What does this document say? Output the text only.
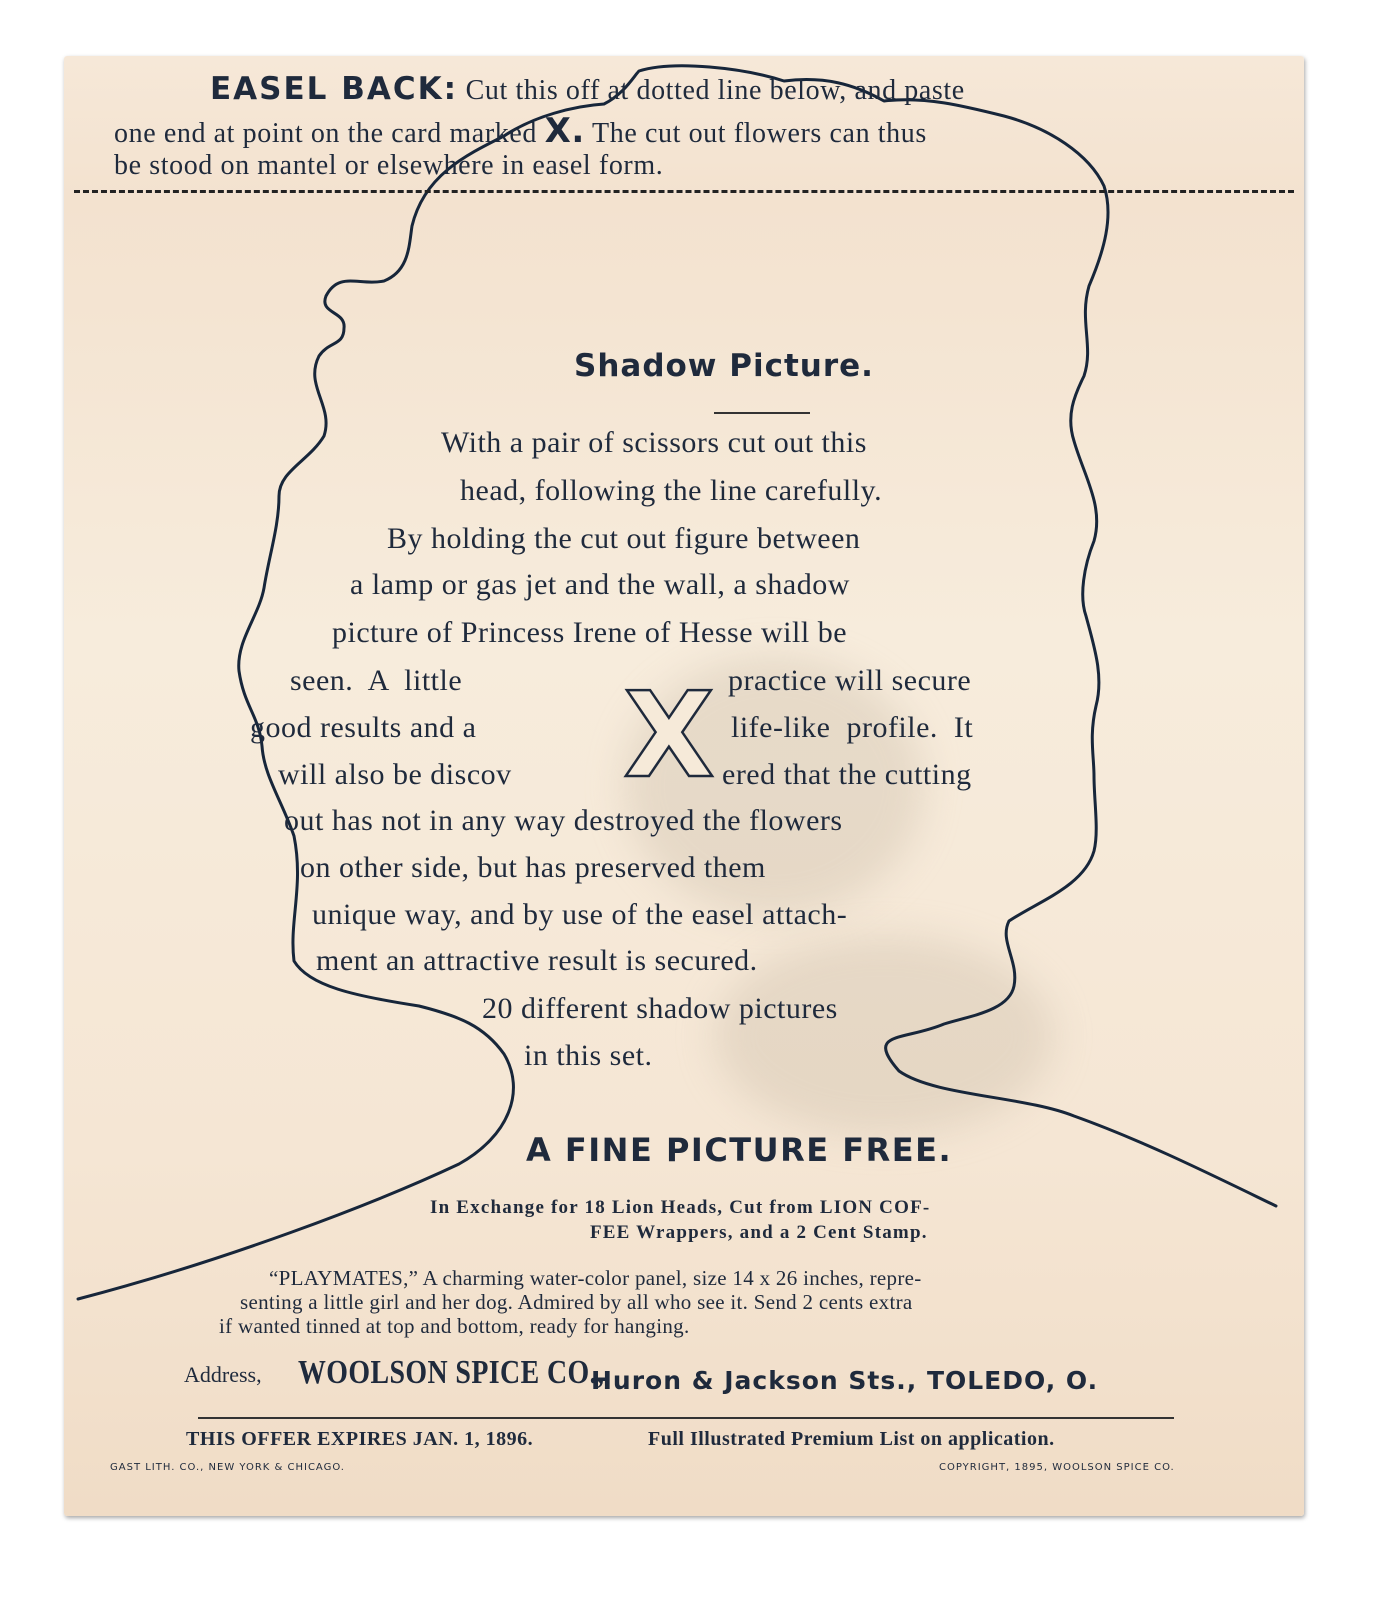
EASEL BACK: Cut this off at dotted line below, and paste
one end at point on the card marked X. The cut out flowers can thus
be stood on mantel or elsewhere in easel form.
Shadow Picture.
With a pair of scissors cut out this
head, following the line carefully.
By holding the cut out figure between
a lamp or gas jet and the wall, a shadow
picture of Princess Irene of Hesse will be
seen.  A  little	practice will secure
good results and a	life-like  profile.  It
will also be discov	ered that the cutting
X
out has not in any way destroyed the flowers
on other side, but has preserved them
unique way, and by use of the easel attach-
ment an attractive result is secured.
20 different shadow pictures
in this set.
A FINE PICTURE FREE.
In Exchange for 18 Lion Heads, Cut from LION COF-
FEE Wrappers, and a 2 Cent Stamp.
“PLAYMATES,” A charming water-color panel, size 14 x 26 inches, repre-
senting a little girl and her dog. Admired by all who see it. Send 2 cents extra
if wanted tinned at top and bottom, ready for hanging.
Address, WOOLSON SPICE CO.,
Huron & Jackson Sts., TOLEDO, O.
THIS OFFER EXPIRES JAN. 1, 1896.	Full Illustrated Premium List on application.
GAST LITH. CO., NEW YORK & CHICAGO.	COPYRIGHT, 1895, WOOLSON SPICE CO.
